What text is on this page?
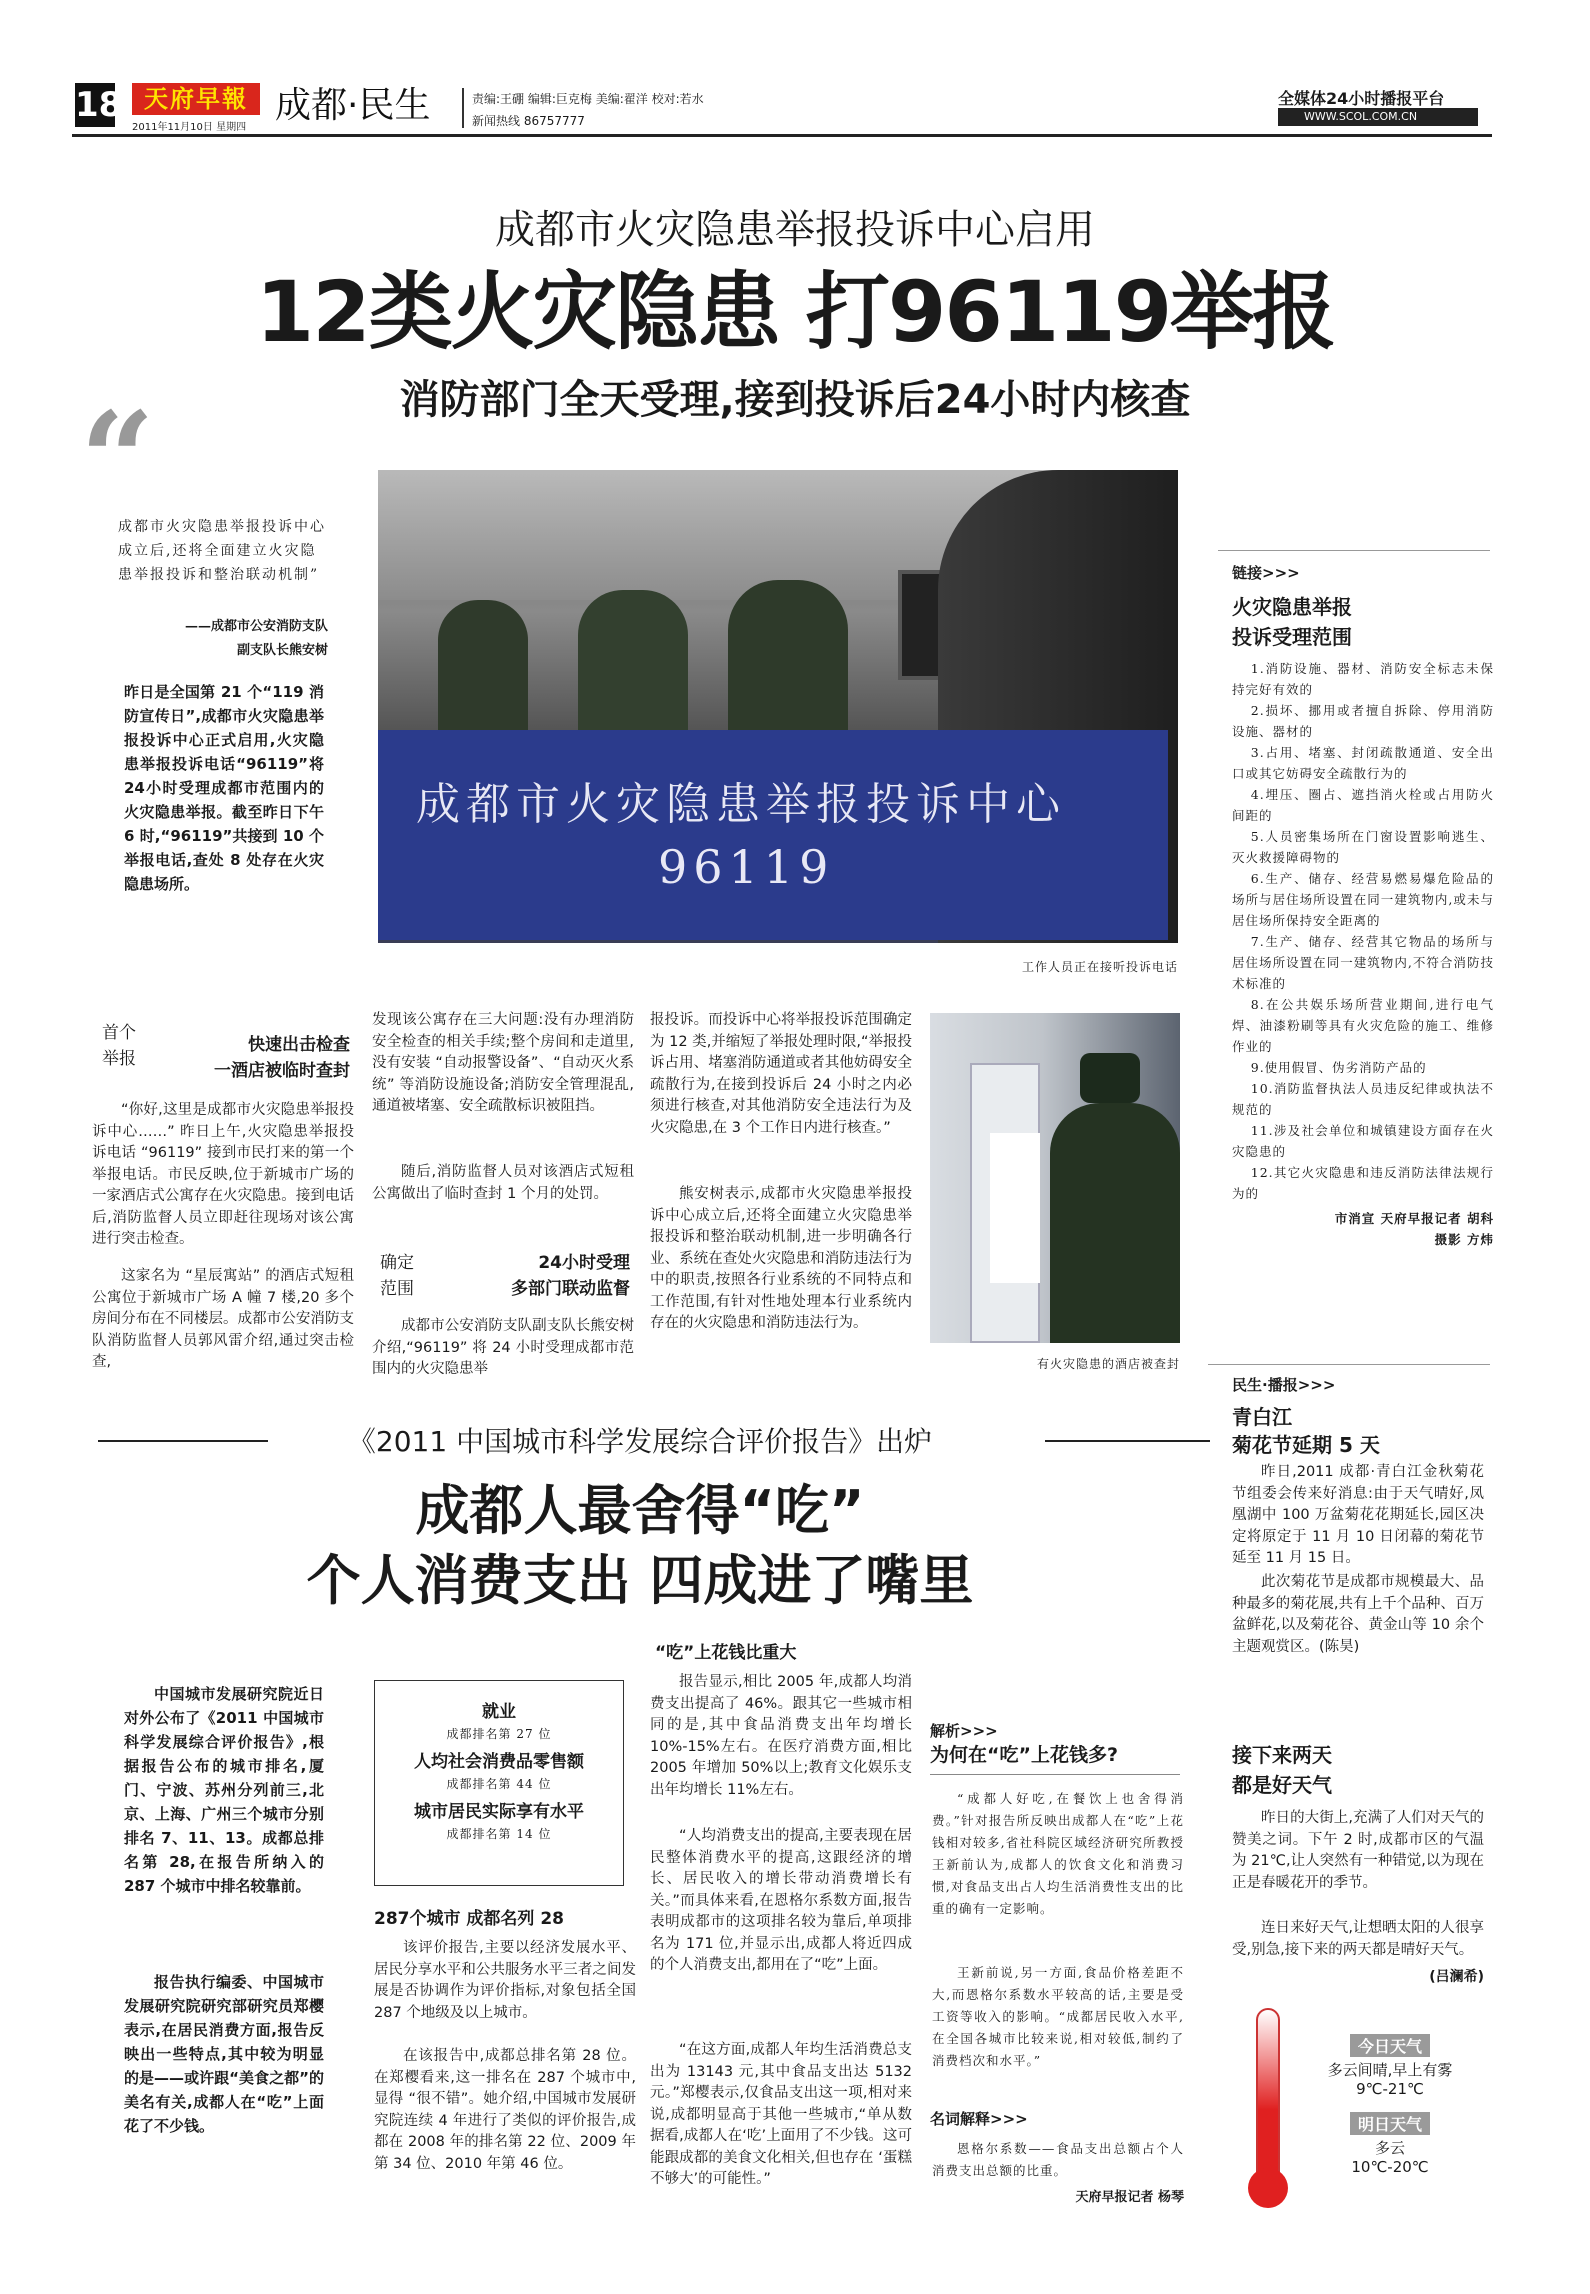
18 天府早報
2011年11月10日 星期四
成都·民生	责编:王硼 编辑:巨克梅 美编:翟洋 校对:若水
新闻热线 86757777
全媒体24小时播报平台
WWW.SCOL.COM.CN
成都市火灾隐患举报投诉中心启用
12类火灾隐患 打96119举报
消防部门全天受理,接到投诉后24小时内核查
“
成都市火灾隐患举报投诉中心成立后,还将全面建立火灾隐患举报投诉和整治联动机制”
——成都市公安消防支队
副支队长熊安树

昨日是全国第 21 个“119 消防宣传日”,成都市火灾隐患举报投诉中心正式启用,火灾隐患举报投诉电话“96119”将 24小时受理成都市范围内的火灾隐患举报。截至昨日下午 6 时,“96119”共接到 10 个举报电话,查处 8 处存在火灾隐患场所。

成都市火灾隐患举报投诉中心
96119
工作人员正在接听投诉电话
链接>>>
火灾隐患举报
投诉受理范围
1.消防设施、器材、消防安全标志未保持完好有效的
2.损坏、挪用或者擅自拆除、停用消防设施、器材的
3.占用、堵塞、封闭疏散通道、安全出口或其它妨碍安全疏散行为的
4.埋压、圈占、遮挡消火栓或占用防火间距的
5.人员密集场所在门窗设置影响逃生、灭火救援障碍物的
6.生产、储存、经营易燃易爆危险品的场所与居住场所设置在同一建筑物内,或未与居住场所保持安全距离的
7.生产、储存、经营其它物品的场所与居住场所设置在同一建筑物内,不符合消防技术标准的
8.在公共娱乐场所营业期间,进行电气焊、油漆粉刷等具有火灾危险的施工、维修作业的
9.使用假冒、伪劣消防产品的
10.消防监督执法人员违反纪律或执法不规范的
11.涉及社会单位和城镇建设方面存在火灾隐患的
12.其它火灾隐患和违反消防法律法规行为的
市消宣 天府早报记者 胡科
摄影 方炜
首个
举报
快速出击检查
一酒店被临时查封

“你好,这里是成都市火灾隐患举报投诉中心……” 昨日上午,火灾隐患举报投诉电话 “96119” 接到市民打来的第一个举报电话。市民反映,位于新城市广场的一家酒店式公寓存在火灾隐患。接到电话后,消防监督人员立即赶往现场对该公寓进行突击检查。

这家名为 “星辰寓站” 的酒店式短租公寓位于新城市广场 A 幢 7 楼,20 多个房间分布在不同楼层。成都市公安消防支队消防监督人员郭风雷介绍,通过突击检查,

发现该公寓存在三大问题:没有办理消防安全检查的相关手续;整个房间和走道里,没有安装 “自动报警设备”、“自动灭火系统” 等消防设施设备;消防安全管理混乱,通道被堵塞、安全疏散标识被阻挡。

随后,消防监督人员对该酒店式短租公寓做出了临时查封 1 个月的处罚。

确定
范围
24小时受理
多部门联动监督

成都市公安消防支队副支队长熊安树介绍,“96119” 将 24 小时受理成都市范围内的火灾隐患举

报投诉。而投诉中心将举报投诉范围确定为 12 类,并缩短了举报处理时限,“举报投诉占用、堵塞消防通道或者其他妨碍安全疏散行为,在接到投诉后 24 小时之内必须进行核查,对其他消防安全违法行为及火灾隐患,在 3 个工作日内进行核查。”

熊安树表示,成都市火灾隐患举报投诉中心成立后,还将全面建立火灾隐患举报投诉和整治联动机制,进一步明确各行业、系统在查处火灾隐患和消防违法行为中的职责,按照各行业系统的不同特点和工作范围,有针对性地处理本行业系统内存在的火灾隐患和消防违法行为。

有火灾隐患的酒店被查封
《2011 中国城市科学发展综合评价报告》出炉
成都人最舍得“吃”
个人消费支出 四成进了嘴里

中国城市发展研究院近日对外公布了《2011 中国城市科学发展综合评价报告》,根据报告公布的城市排名,厦门、宁波、苏州分列前三,北京、上海、广州三个城市分别排名 7、11、13。成都总排名第 28,在报告所纳入的 287 个城市中排名较靠前。

报告执行编委、中国城市发展研究院研究部研究员郑樱表示,在居民消费方面,报告反映出一些特点,其中较为明显的是——或许跟“美食之都”的美名有关,成都人在“吃”上面花了不少钱。

就业
成都排名第 27 位
人均社会消费品零售额
成都排名第 44 位
城市居民实际享有水平
成都排名第 14 位
287个城市 成都名列 28

该评价报告,主要以经济发展水平、居民分享水平和公共服务水平三者之间发展是否协调作为评价指标,对象包括全国 287 个地级及以上城市。

在该报告中,成都总排名第 28 位。在郑樱看来,这一排名在 287 个城市中,显得 “很不错”。她介绍,中国城市发展研究院连续 4 年进行了类似的评价报告,成都在 2008 年的排名第 22 位、2009 年第 34 位、2010 年第 46 位。

“吃”上花钱比重大

报告显示,相比 2005 年,成都人均消费支出提高了 46%。跟其它一些城市相同的是,其中食品消费支出年均增长 10%-15%左右。在医疗消费方面,相比 2005 年增加 50%以上;教育文化娱乐支出年均增长 11%左右。

“人均消费支出的提高,主要表现在居民整体消费水平的提高,这跟经济的增长、居民收入的增长带动消费增长有关。”而具体来看,在恩格尔系数方面,报告表明成都市的这项排名较为靠后,单项排名为 171 位,并显示出,成都人将近四成的个人消费支出,都用在了“吃”上面。

“在这方面,成都人年均生活消费总支出为 13143 元,其中食品支出达 5132 元。”郑樱表示,仅食品支出这一项,相对来说,成都明显高于其他一些城市,“单从数据看,成都人在‘吃’上面用了不少钱。这可能跟成都的美食文化相关,但也存在 ‘蛋糕不够大’的可能性。”

解析>>>
为何在“吃”上花钱多?

“成都人好吃,在餐饮上也舍得消费。”针对报告所反映出成都人在“吃”上花钱相对较多,省社科院区域经济研究所教授王新前认为,成都人的饮食文化和消费习惯,对食品支出占人均生活消费性支出的比重的确有一定影响。

王新前说,另一方面,食品价格差距不大,而恩格尔系数水平较高的话,主要是受工资等收入的影响。“成都居民收入水平,在全国各城市比较来说,相对较低,制约了消费档次和水平。”

名词解释>>>

恩格尔系数——食品支出总额占个人消费支出总额的比重。

天府早报记者 杨琴
民生·播报>>>
青白江
菊花节延期 5 天

昨日,2011 成都·青白江金秋菊花节组委会传来好消息:由于天气晴好,凤凰湖中 100 万盆菊花花期延长,园区决定将原定于 11 月 10 日闭幕的菊花节延至 11 月 15 日。

此次菊花节是成都市规模最大、品种最多的菊花展,共有上千个品种、百万盆鲜花,以及菊花谷、黄金山等 10 余个主题观赏区。(陈昊)

接下来两天
都是好天气

昨日的大街上,充满了人们对天气的赞美之词。下午 2 时,成都市区的气温为 21℃,让人突然有一种错觉,以为现在正是春暖花开的季节。

连日来好天气,让想晒太阳的人很享受,别急,接下来的两天都是晴好天气。

(吕澜希)
今日天气
多云间晴,早上有雾
9℃-21℃
明日天气
多云
10℃-20℃
